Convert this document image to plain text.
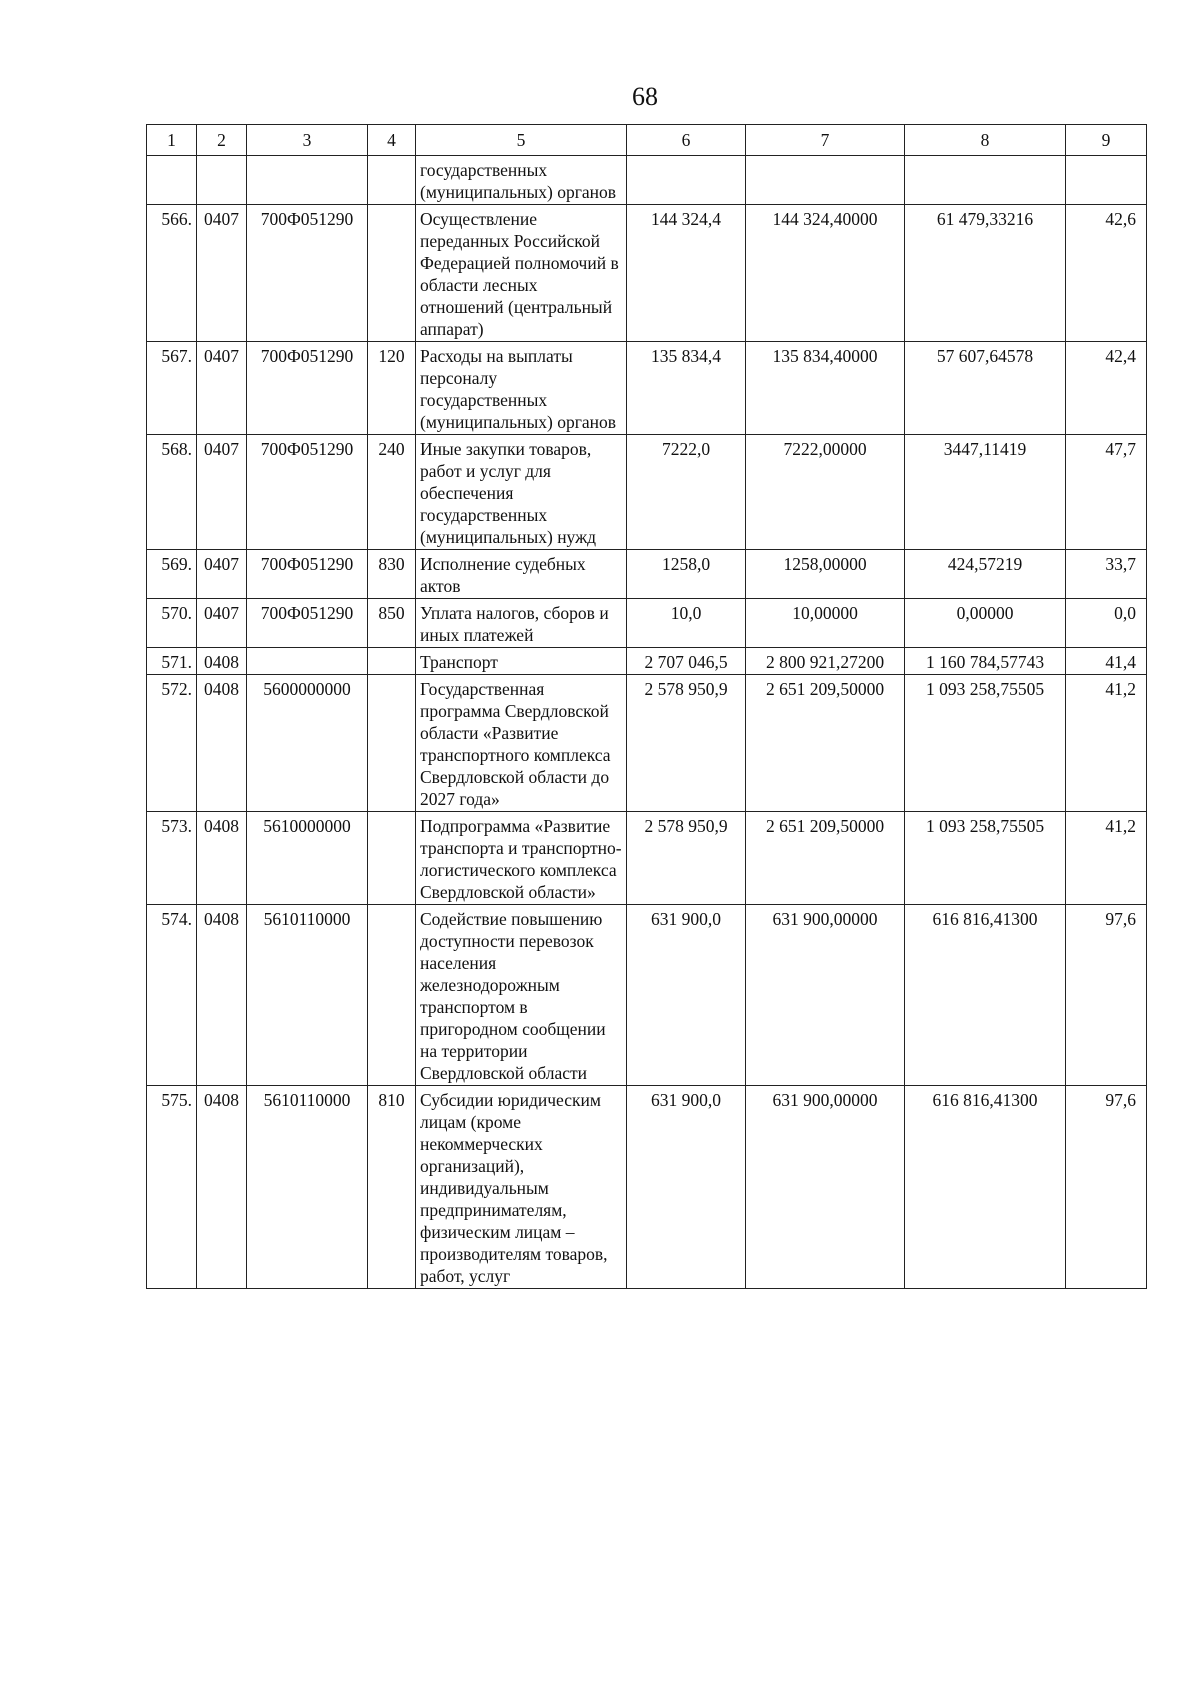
68
1	2	3	4	5	6	7	8	9
				государственных (муниципальных) органов				
566.	0407	700Ф051290		Осуществление переданных Российской Федерацией полномочий в области лесных отношений (центральный аппарат)	144 324,4	144 324,40000	61 479,33216	42,6
567.	0407	700Ф051290	120	Расходы на выплаты персоналу государственных (муниципальных) органов	135 834,4	135 834,40000	57 607,64578	42,4
568.	0407	700Ф051290	240	Иные закупки товаров, работ и услуг для обеспечения государственных (муниципальных) нужд	7222,0	7222,00000	3447,11419	47,7
569.	0407	700Ф051290	830	Исполнение судебных актов	1258,0	1258,00000	424,57219	33,7
570.	0407	700Ф051290	850	Уплата налогов, сборов и иных платежей	10,0	10,00000	0,00000	0,0
571.	0408			Транспорт	2 707 046,5	2 800 921,27200	1 160 784,57743	41,4
572.	0408	5600000000		Государственная программа Свердловской области «Развитие транспортного комплекса Свердловской области до 2027 года»	2 578 950,9	2 651 209,50000	1 093 258,75505	41,2
573.	0408	5610000000		Подпрограмма «Развитие транспорта и транспортно-логистического комплекса Свердловской области»	2 578 950,9	2 651 209,50000	1 093 258,75505	41,2
574.	0408	5610110000		Содействие повышению доступности перевозок населения железнодорожным транспортом в пригородном сообщении на территории Свердловской области	631 900,0	631 900,00000	616 816,41300	97,6
575.	0408	5610110000	810	Субсидии юридическим лицам (кроме некоммерческих организаций), индивидуальным предпринимателям, физическим лицам – производителям товаров, работ, услуг	631 900,0	631 900,00000	616 816,41300	97,6
